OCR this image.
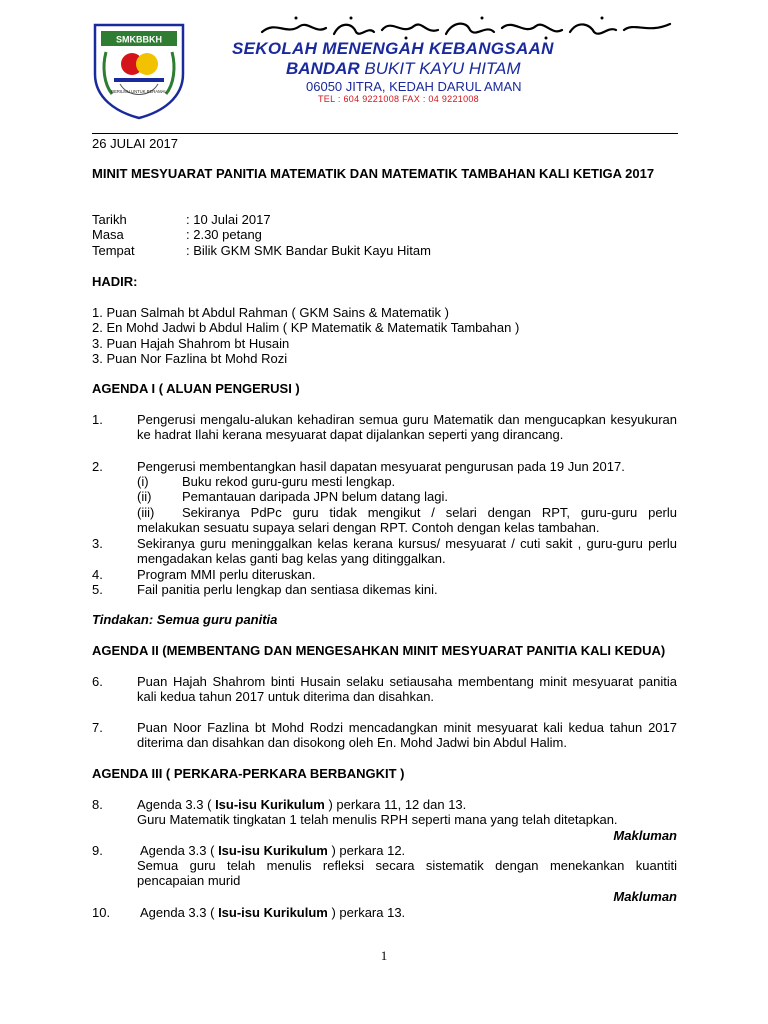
SMKBBKH
BERILMU UNTUK BERAMAL
SEKOLAH MENENGAH KEBANGSAAN
BANDAR BUKIT KAYU HITAM
06050 JITRA, KEDAH DARUL AMAN
TEL : 604 9221008 FAX : 04 9221008
26 JULAI 2017
MINIT MESYUARAT PANITIA MATEMATIK DAN MATEMATIK TAMBAHAN KALI KETIGA 2017
Tarikh	: 10 Julai 2017
Masa	: 2.30 petang
Tempat	: Bilik GKM SMK Bandar Bukit Kayu Hitam
HADIR:
1. Puan Salmah bt Abdul Rahman ( GKM Sains & Matematik )
2. En Mohd Jadwi b Abdul Halim ( KP Matematik & Matematik Tambahan )
3. Puan Hajah Shahrom bt Husain
3. Puan Nor Fazlina bt Mohd Rozi
AGENDA I ( ALUAN PENGERUSI )
1.	Pengerusi mengalu-alukan kehadiran semua guru Matematik dan mengucapkan kesyukuran ke hadrat Ilahi kerana mesyuarat dapat dijalankan seperti yang dirancang.
2.	Pengerusi membentangkan hasil dapatan mesyuarat pengurusan pada 19 Jun 2017.
(i)	Buku rekod guru-guru mesti lengkap.
(ii) Pemantauan daripada JPN belum datang lagi.
(iii) Sekiranya PdPc guru tidak mengikut / selari dengan RPT, guru-guru perlu
melakukan sesuatu supaya selari dengan RPT. Contoh dengan kelas tambahan.
3.	Sekiranya guru meninggalkan kelas kerana kursus/ mesyuarat / cuti sakit , guru-guru perlu mengadakan kelas ganti bag kelas yang ditinggalkan.
4.	Program MMI perlu diteruskan.
5.	Fail panitia perlu lengkap dan sentiasa dikemas kini.
Tindakan: Semua guru panitia
AGENDA II (MEMBENTANG DAN MENGESAHKAN MINIT MESYUARAT PANITIA KALI KEDUA)
6.	Puan Hajah Shahrom binti Husain selaku setiausaha membentang minit mesyuarat panitia kali kedua tahun 2017 untuk diterima dan disahkan.
7.	Puan Noor Fazlina bt Mohd Rodzi mencadangkan minit mesyuarat kali kedua tahun 2017 diterima dan disahkan dan disokong oleh En. Mohd Jadwi bin Abdul Halim.
AGENDA III ( PERKARA-PERKARA BERBANGKIT )
8.	Agenda 3.3 ( Isu-isu Kurikulum ) perkara 11, 12 dan 13.
Guru Matematik tingkatan 1 telah menulis RPH seperti mana yang telah ditetapkan.
Makluman
9.	Agenda 3.3 ( Isu-isu Kurikulum ) perkara 12.
Semua guru telah menulis refleksi secara sistematik dengan menekankan kuantiti pencapaian murid
Makluman
10. Agenda 3.3 ( Isu-isu Kurikulum ) perkara 13.
1
